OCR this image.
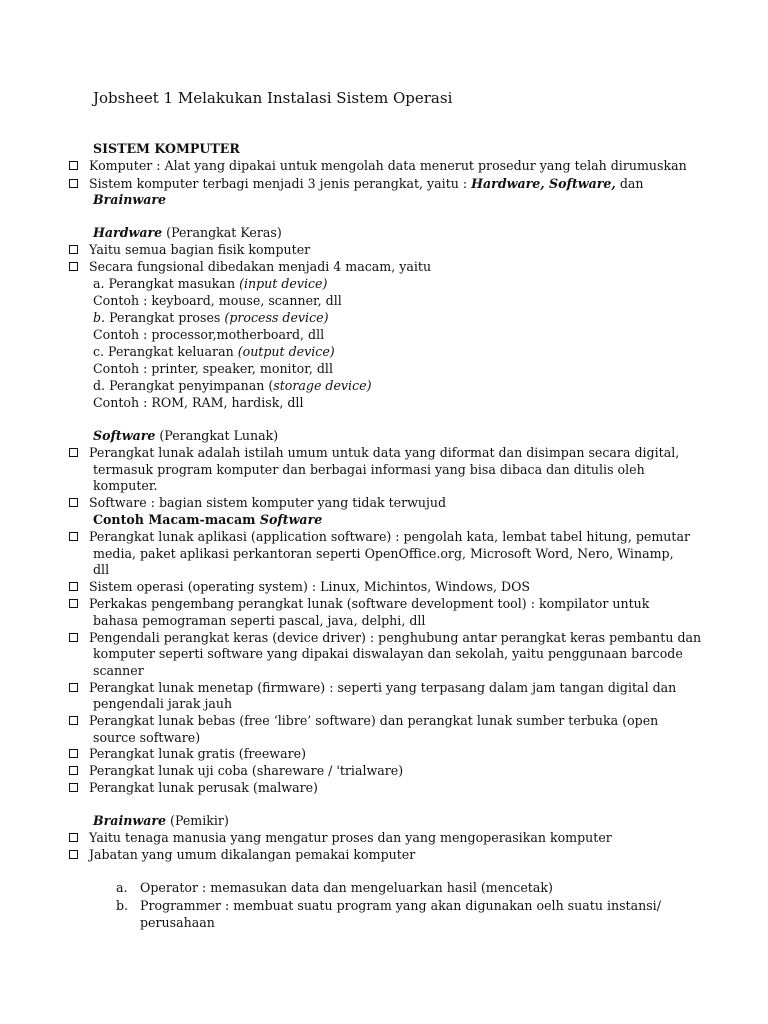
Jobsheet 1 Melakukan Instalasi Sistem Operasi
SISTEM KOMPUTER
Komputer : Alat yang dipakai untuk mengolah data menerut prosedur yang telah dirumuskan
Sistem komputer terbagi menjadi 3 jenis perangkat, yaitu : Hardware, Software, dan
Brainware
Hardware (Perangkat Keras)
Yaitu semua bagian fisik komputer
Secara fungsional dibedakan menjadi 4 macam, yaitu
a. Perangkat masukan (input device)
Contoh : keyboard, mouse, scanner, dll
b. Perangkat proses (process device)
Contoh : processor,motherboard, dll
c. Perangkat keluaran (output device)
Contoh : printer, speaker, monitor, dll
d. Perangkat penyimpanan (storage device)
Contoh : ROM, RAM, hardisk, dll
Software (Perangkat Lunak)
Perangkat lunak adalah istilah umum untuk data yang diformat dan disimpan secara digital,
termasuk program komputer dan berbagai informasi yang bisa dibaca dan ditulis oleh
komputer.
Software : bagian sistem komputer yang tidak terwujud
Contoh Macam-macam Software
Perangkat lunak aplikasi (application software) : pengolah kata, lembat tabel hitung, pemutar
media, paket aplikasi perkantoran seperti OpenOffice.org, Microsoft Word, Nero, Winamp,
dll
Sistem operasi (operating system) : Linux, Michintos, Windows, DOS
Perkakas pengembang perangkat lunak (software development tool) : kompilator untuk
bahasa pemograman seperti pascal, java, delphi, dll
Pengendali perangkat keras (device driver) : penghubung antar perangkat keras pembantu dan
komputer seperti software yang dipakai diswalayan dan sekolah, yaitu penggunaan barcode
scanner
Perangkat lunak menetap (firmware) : seperti yang terpasang dalam jam tangan digital dan
pengendali jarak jauh
Perangkat lunak bebas (free ‘libre’ software) dan perangkat lunak sumber terbuka (open
source software)
Perangkat lunak gratis (freeware)
Perangkat lunak uji coba (shareware / 'trialware)
Perangkat lunak perusak (malware)
Brainware (Pemikir)
Yaitu tenaga manusia yang mengatur proses dan yang mengoperasikan komputer
Jabatan yang umum dikalangan pemakai komputer
a. Operator : memasukan data dan mengeluarkan hasil (mencetak)
b. Programmer : membuat suatu program yang akan digunakan oelh suatu instansi/
perusahaan
